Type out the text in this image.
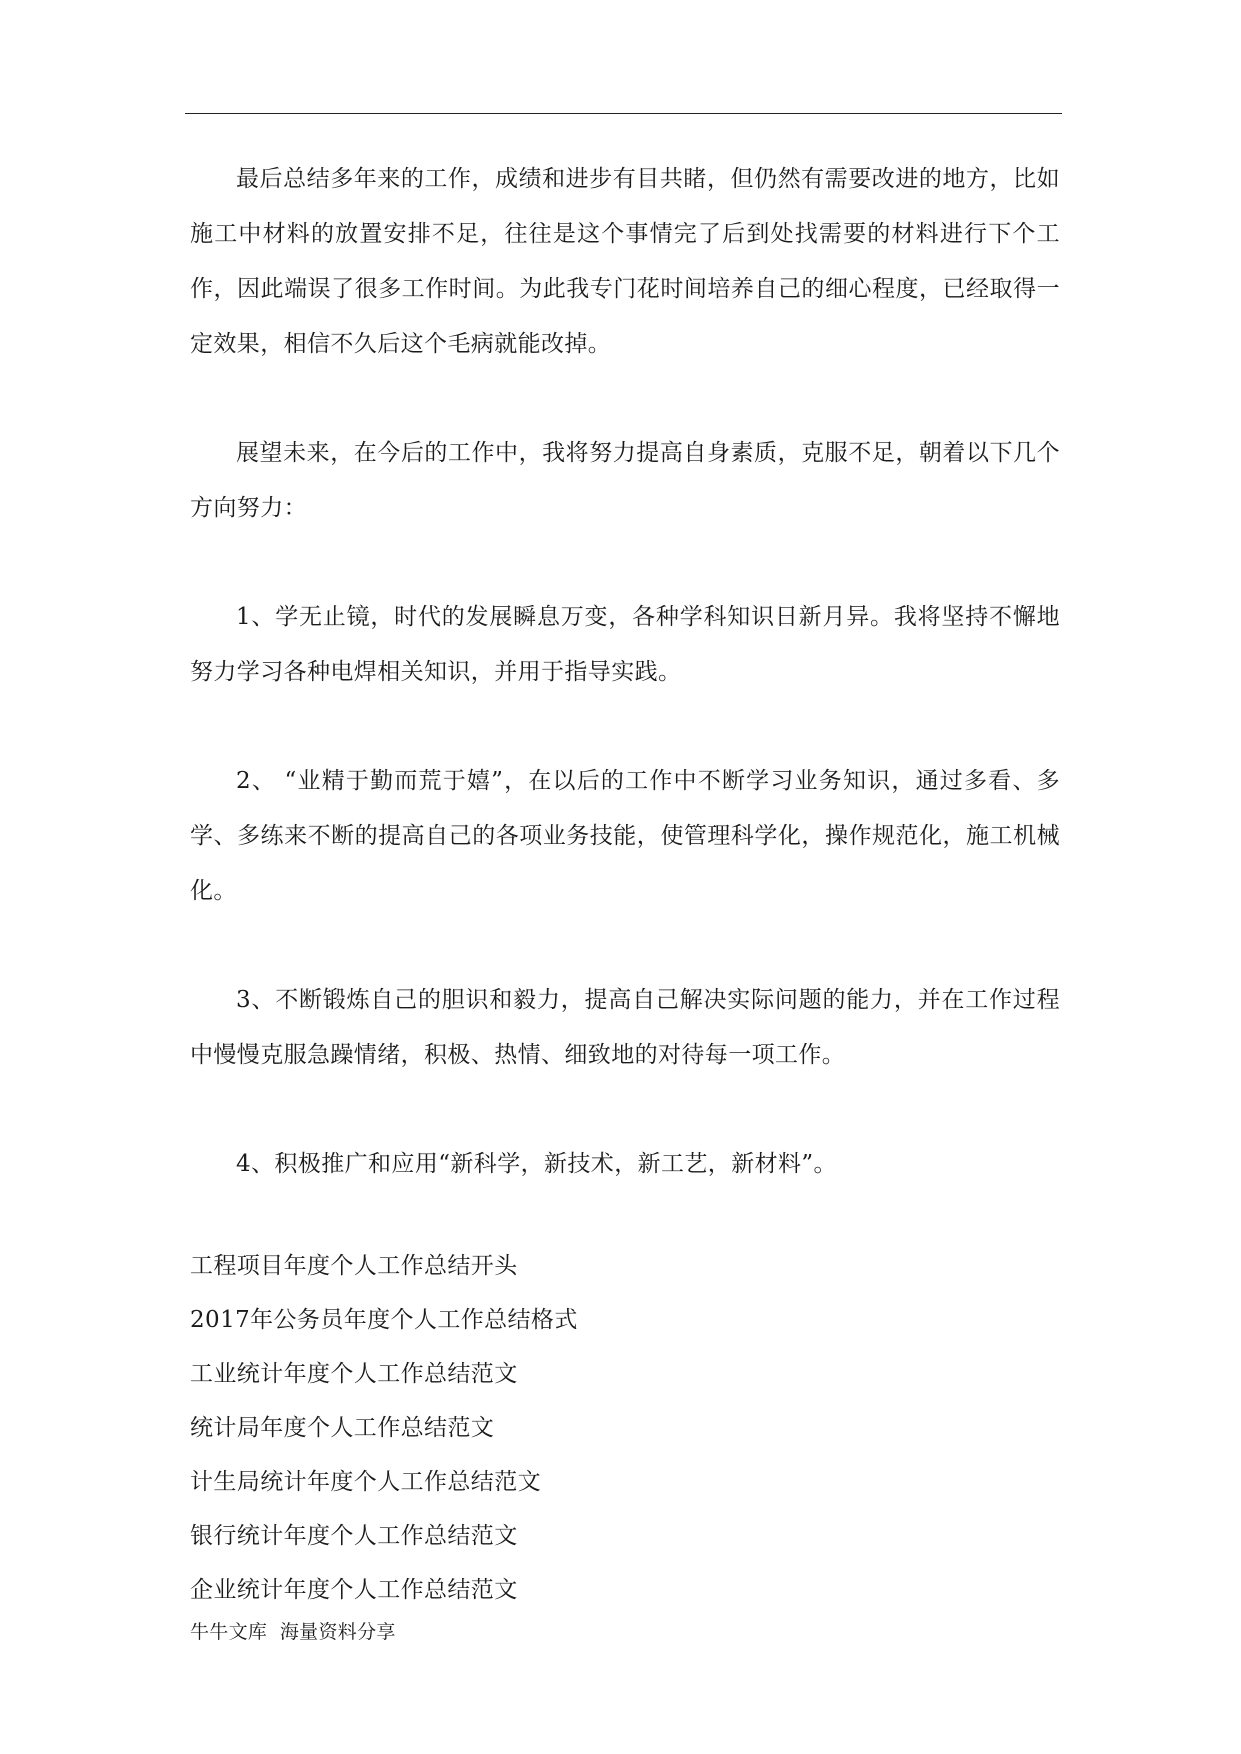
最后总结多年来的工作，成绩和进步有目共睹，但仍然有需要改进的地方，比如施工中材料的放置安排不足，往往是这个事情完了后到处找需要的材料进行下个工作，因此端误了很多工作时间。为此我专门花时间培养自己的细心程度，已经取得一定效果，相信不久后这个毛病就能改掉。

展望未来，在今后的工作中，我将努力提高自身素质，克服不足，朝着以下几个方向努力：

1、学无止镜，时代的发展瞬息万变，各种学科知识日新月异。我将坚持不懈地努力学习各种电焊相关知识，并用于指导实践。

2、 “业精于勤而荒于嬉”，在以后的工作中不断学习业务知识，通过多看、多学、多练来不断的提高自己的各项业务技能，使管理科学化，操作规范化，施工机械化。

3、不断锻炼自己的胆识和毅力，提高自己解决实际问题的能力，并在工作过程中慢慢克服急躁情绪，积极、热情、细致地的对待每一项工作。

4、积极推广和应用“新科学，新技术，新工艺，新材料”。

工程项目年度个人工作总结开头
2017年公务员年度个人工作总结格式
工业统计年度个人工作总结范文
统计局年度个人工作总结范文
计生局统计年度个人工作总结范文
银行统计年度个人工作总结范文
企业统计年度个人工作总结范文
牛牛文库  海量资料分享
